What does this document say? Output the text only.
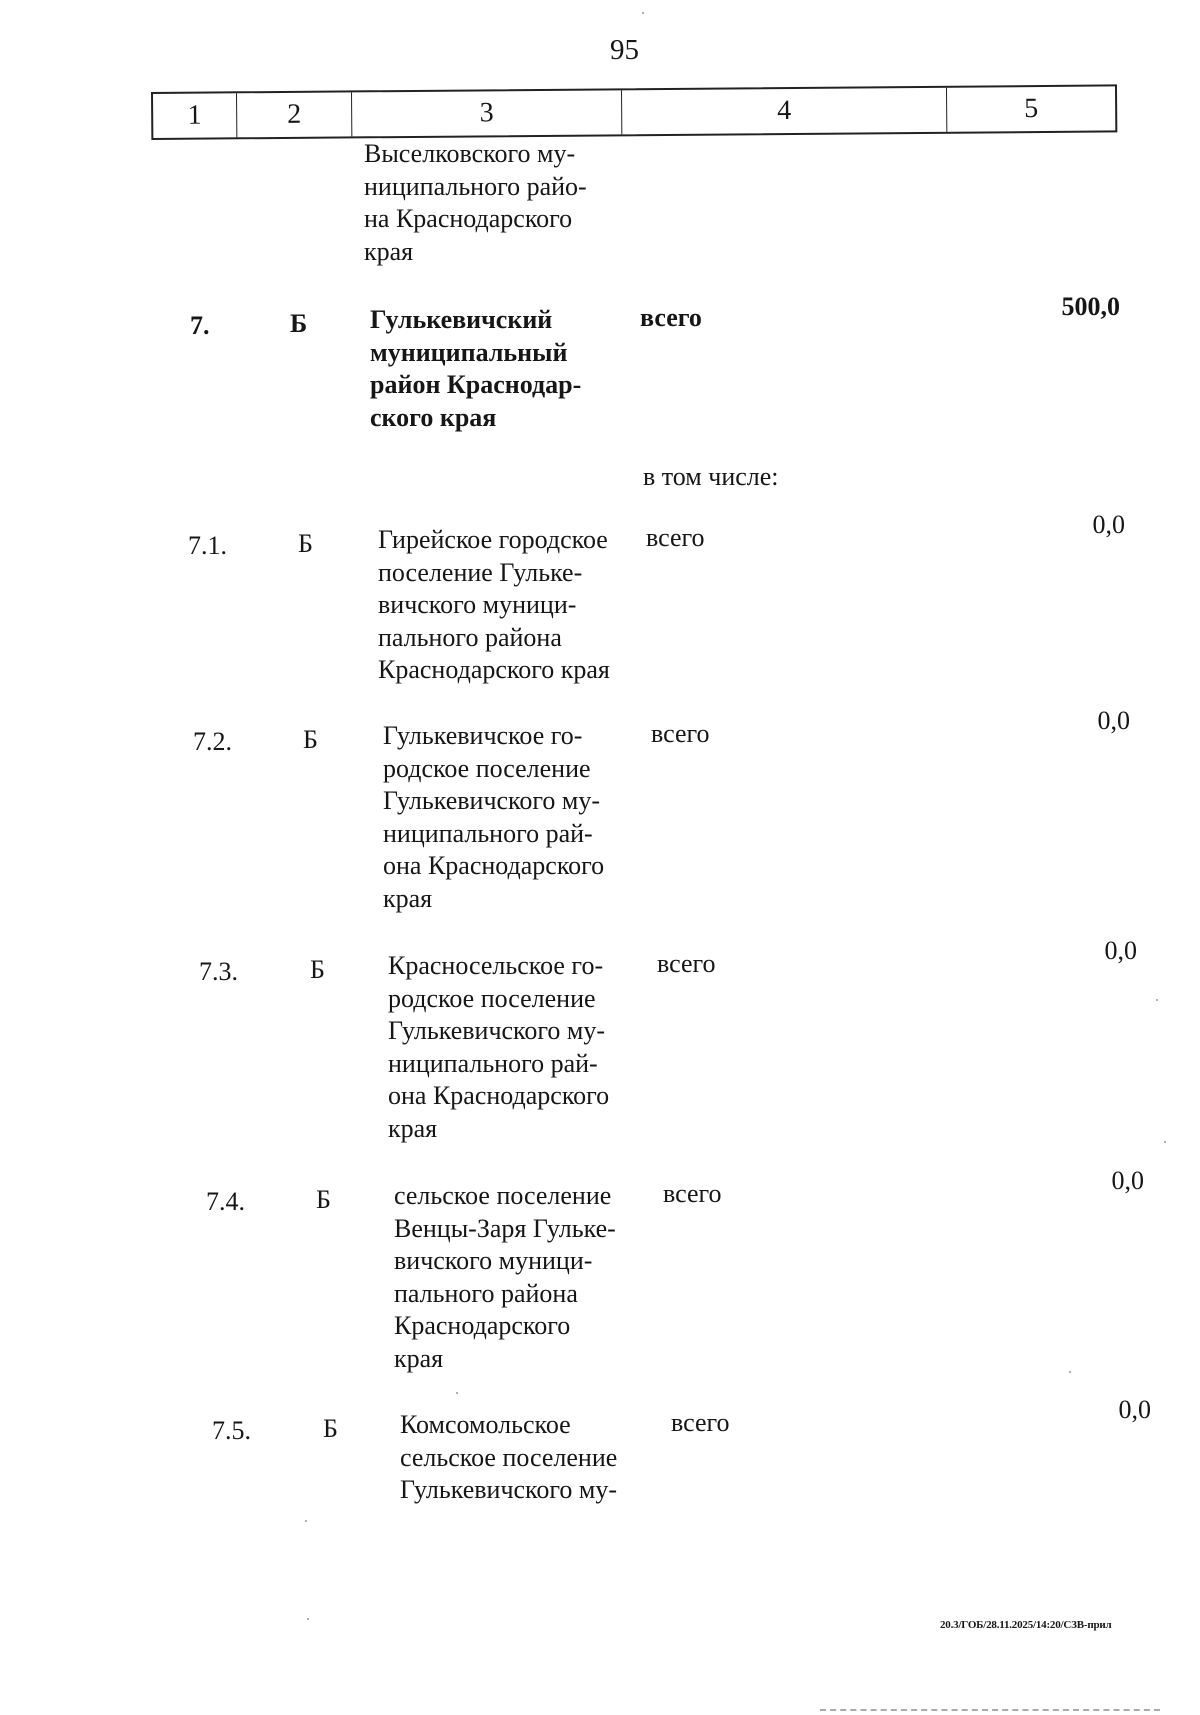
95
1	2	3	4	5
Выселковского му-
ниципального райо-
на Краснодарского
края
7.	Б Гулькевичский
муниципальный
район Краснодар-
ского края
всего	500,0
в том числе:
7.1.	Б	Гирейское городское
поселение Гульке-
вичского муници-
пального района
Краснодарского края
всего	0,0
7.2.	Б	Гулькевичское го-
родское поселение
Гулькевичского му-
ниципального рай-
она Краснодарского
края
всего	0,0
7.3.	Б Красносельское го-
родское поселение
Гулькевичского му-
ниципального рай-
она Краснодарского
края
всего	0,0
7.4.	Б сельское поселение
Венцы-Заря Гульке-
вичского муници-
пального района
Краснодарского
края
всего	0,0
7.5.	Б Комсомольское
сельское поселение
Гулькевичского му-
всего	0,0
20.3/ГОБ/28.11.2025/14:20/СЗВ-прил
